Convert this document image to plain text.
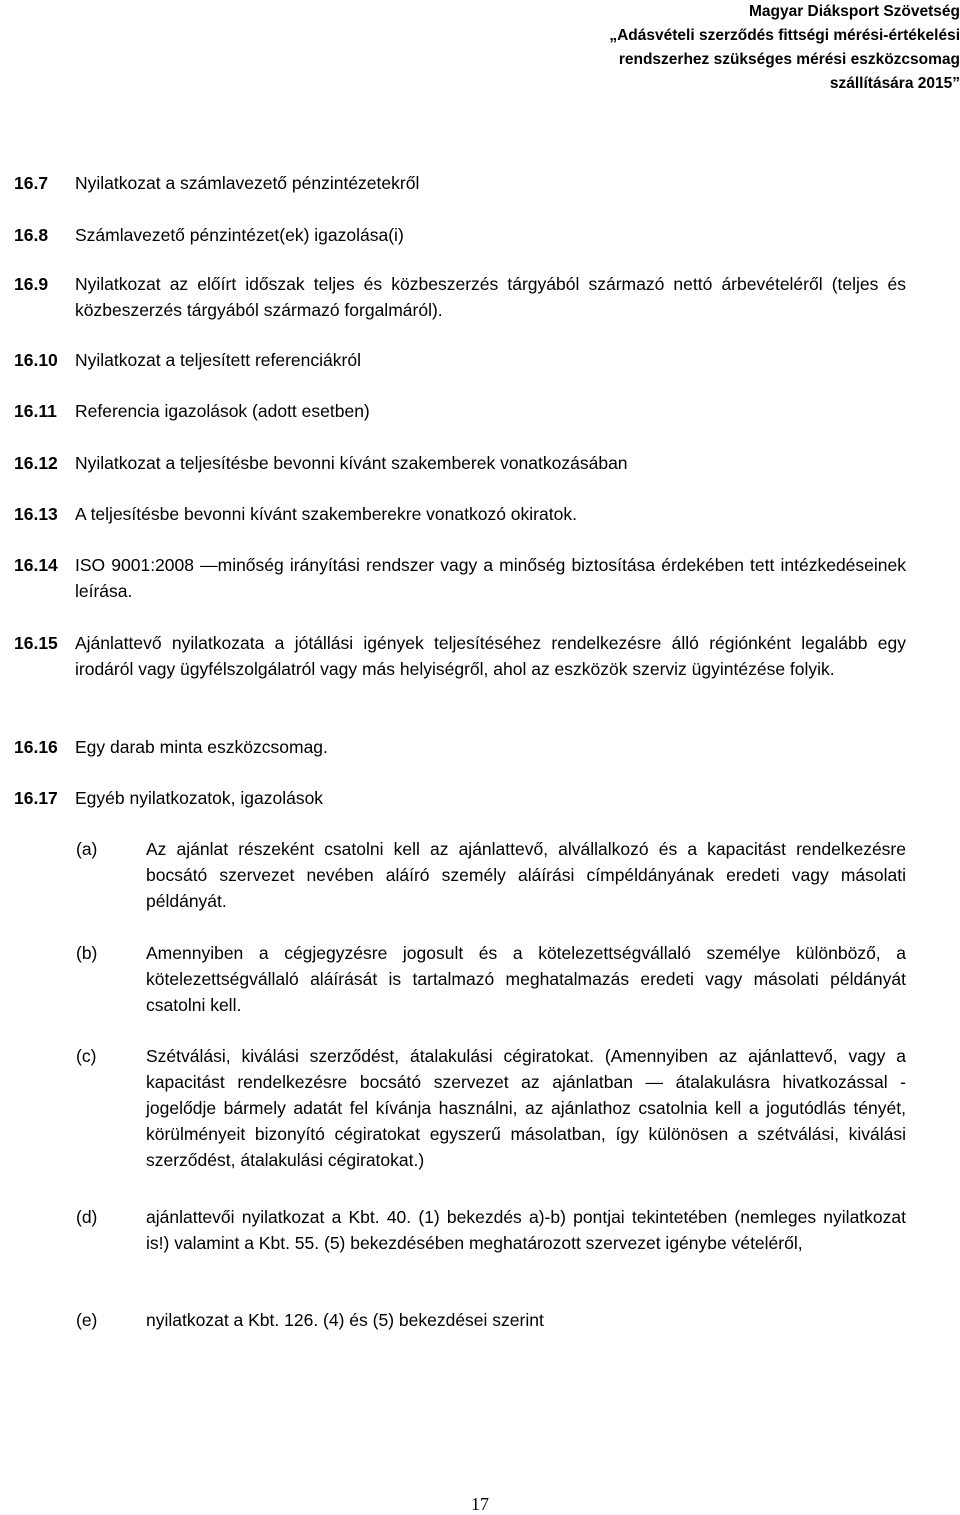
Magyar Diáksport Szövetség
„Adásvételi szerződés fittségi mérési-értékelési
rendszerhez szükséges mérési eszközcsomag
szállítására 2015”
16.7	Nyilatkozat a számlavezető pénzintézetekről
16.8	Számlavezető pénzintézet(ek) igazolása(i)
16.9	Nyilatkozat az előírt időszak teljes és közbeszerzés tárgyából származó nettó árbevételéről (teljes és közbeszerzés tárgyából származó forgalmáról).
16.10 Nyilatkozat a teljesített referenciákról
16.11	Referencia igazolások (adott esetben)
16.12 Nyilatkozat a teljesítésbe bevonni kívánt szakemberek vonatkozásában
16.13 A teljesítésbe bevonni kívánt szakemberekre vonatkozó okiratok.
16.14 ISO 9001:2008 ―minőség irányítási rendszer vagy a minőség biztosítása érdekében tett intézkedéseinek leírása.
16.15 Ajánlattevő nyilatkozata a jótállási igények teljesítéséhez rendelkezésre álló régiónként legalább egy irodáról vagy ügyfélszolgálatról vagy más helyiségről, ahol az eszközök szerviz ügyintézése folyik.
16.16 Egy darab minta eszközcsomag.
16.17 Egyéb nyilatkozatok, igazolások
(a)	Az ajánlat részeként csatolni kell az ajánlattevő, alvállalkozó és a kapacitást rendelkezésre bocsátó szervezet nevében aláíró személy aláírási címpéldányának eredeti vagy másolati példányát.
(b)	Amennyiben a cégjegyzésre jogosult és a kötelezettségvállaló személye különböző, a kötelezettségvállaló aláírását is tartalmazó meghatalmazás eredeti vagy másolati példányát csatolni kell.
(c)	Szétválási, kiválási szerződést, átalakulási cégiratokat. (Amennyiben az ajánlattevő, vagy a kapacitást rendelkezésre bocsátó szervezet az ajánlatban ― átalakulásra hivatkozással - jogelődje bármely adatát fel kívánja használni, az ajánlathoz csatolnia kell a jogutódlás tényét, körülményeit bizonyító cégiratokat egyszerű másolatban, így különösen a szétválási, kiválási szerződést, átalakulási cégiratokat.)
(d)	ajánlattevői nyilatkozat a Kbt. 40. (1) bekezdés a)-b) pontjai tekintetében (nemleges nyilatkozat is!) valamint a Kbt. 55. (5) bekezdésében meghatározott szervezet igénybe vételéről,
(e)	nyilatkozat a Kbt. 126. (4) és (5) bekezdései szerint
17
